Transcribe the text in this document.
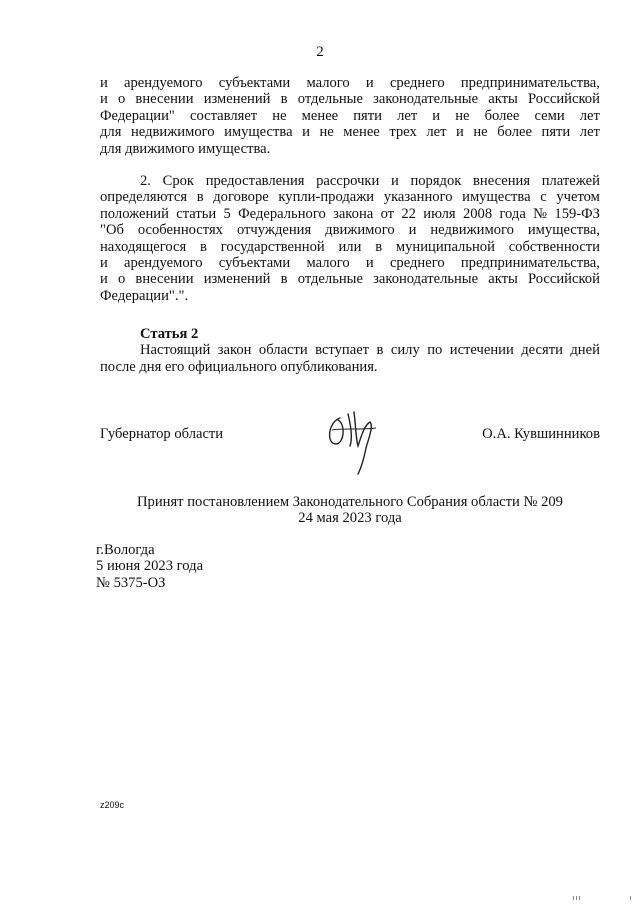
2
и арендуемого субъектами малого и среднего предпринимательства,
и о внесении изменений в отдельные законодательные акты Российской
Федерации" составляет не менее пяти лет и не более семи лет
для недвижимого имущества и не менее трех лет и не более пяти лет
для движимого имущества.
2. Срок предоставления рассрочки и порядок внесения платежей
определяются в договоре купли-продажи указанного имущества с учетом
положений статьи 5 Федерального закона от 22 июля 2008 года № 159-ФЗ
"Об особенностях отчуждения движимого и недвижимого имущества,
находящегося в государственной или в муниципальной собственности
и арендуемого субъектами малого и среднего предпринимательства,
и о внесении изменений в отдельные законодательные акты Российской
Федерации".".
Статья 2
Настоящий закон области вступает в силу по истечении десяти дней
после дня его официального опубликования.
Губернатор области	О.А. Кувшинников
Принят постановлением Законодательного Собрания области № 209
24 мая 2023 года
г.Вологда
5 июня 2023 года
№ 5375-ОЗ
z209c
